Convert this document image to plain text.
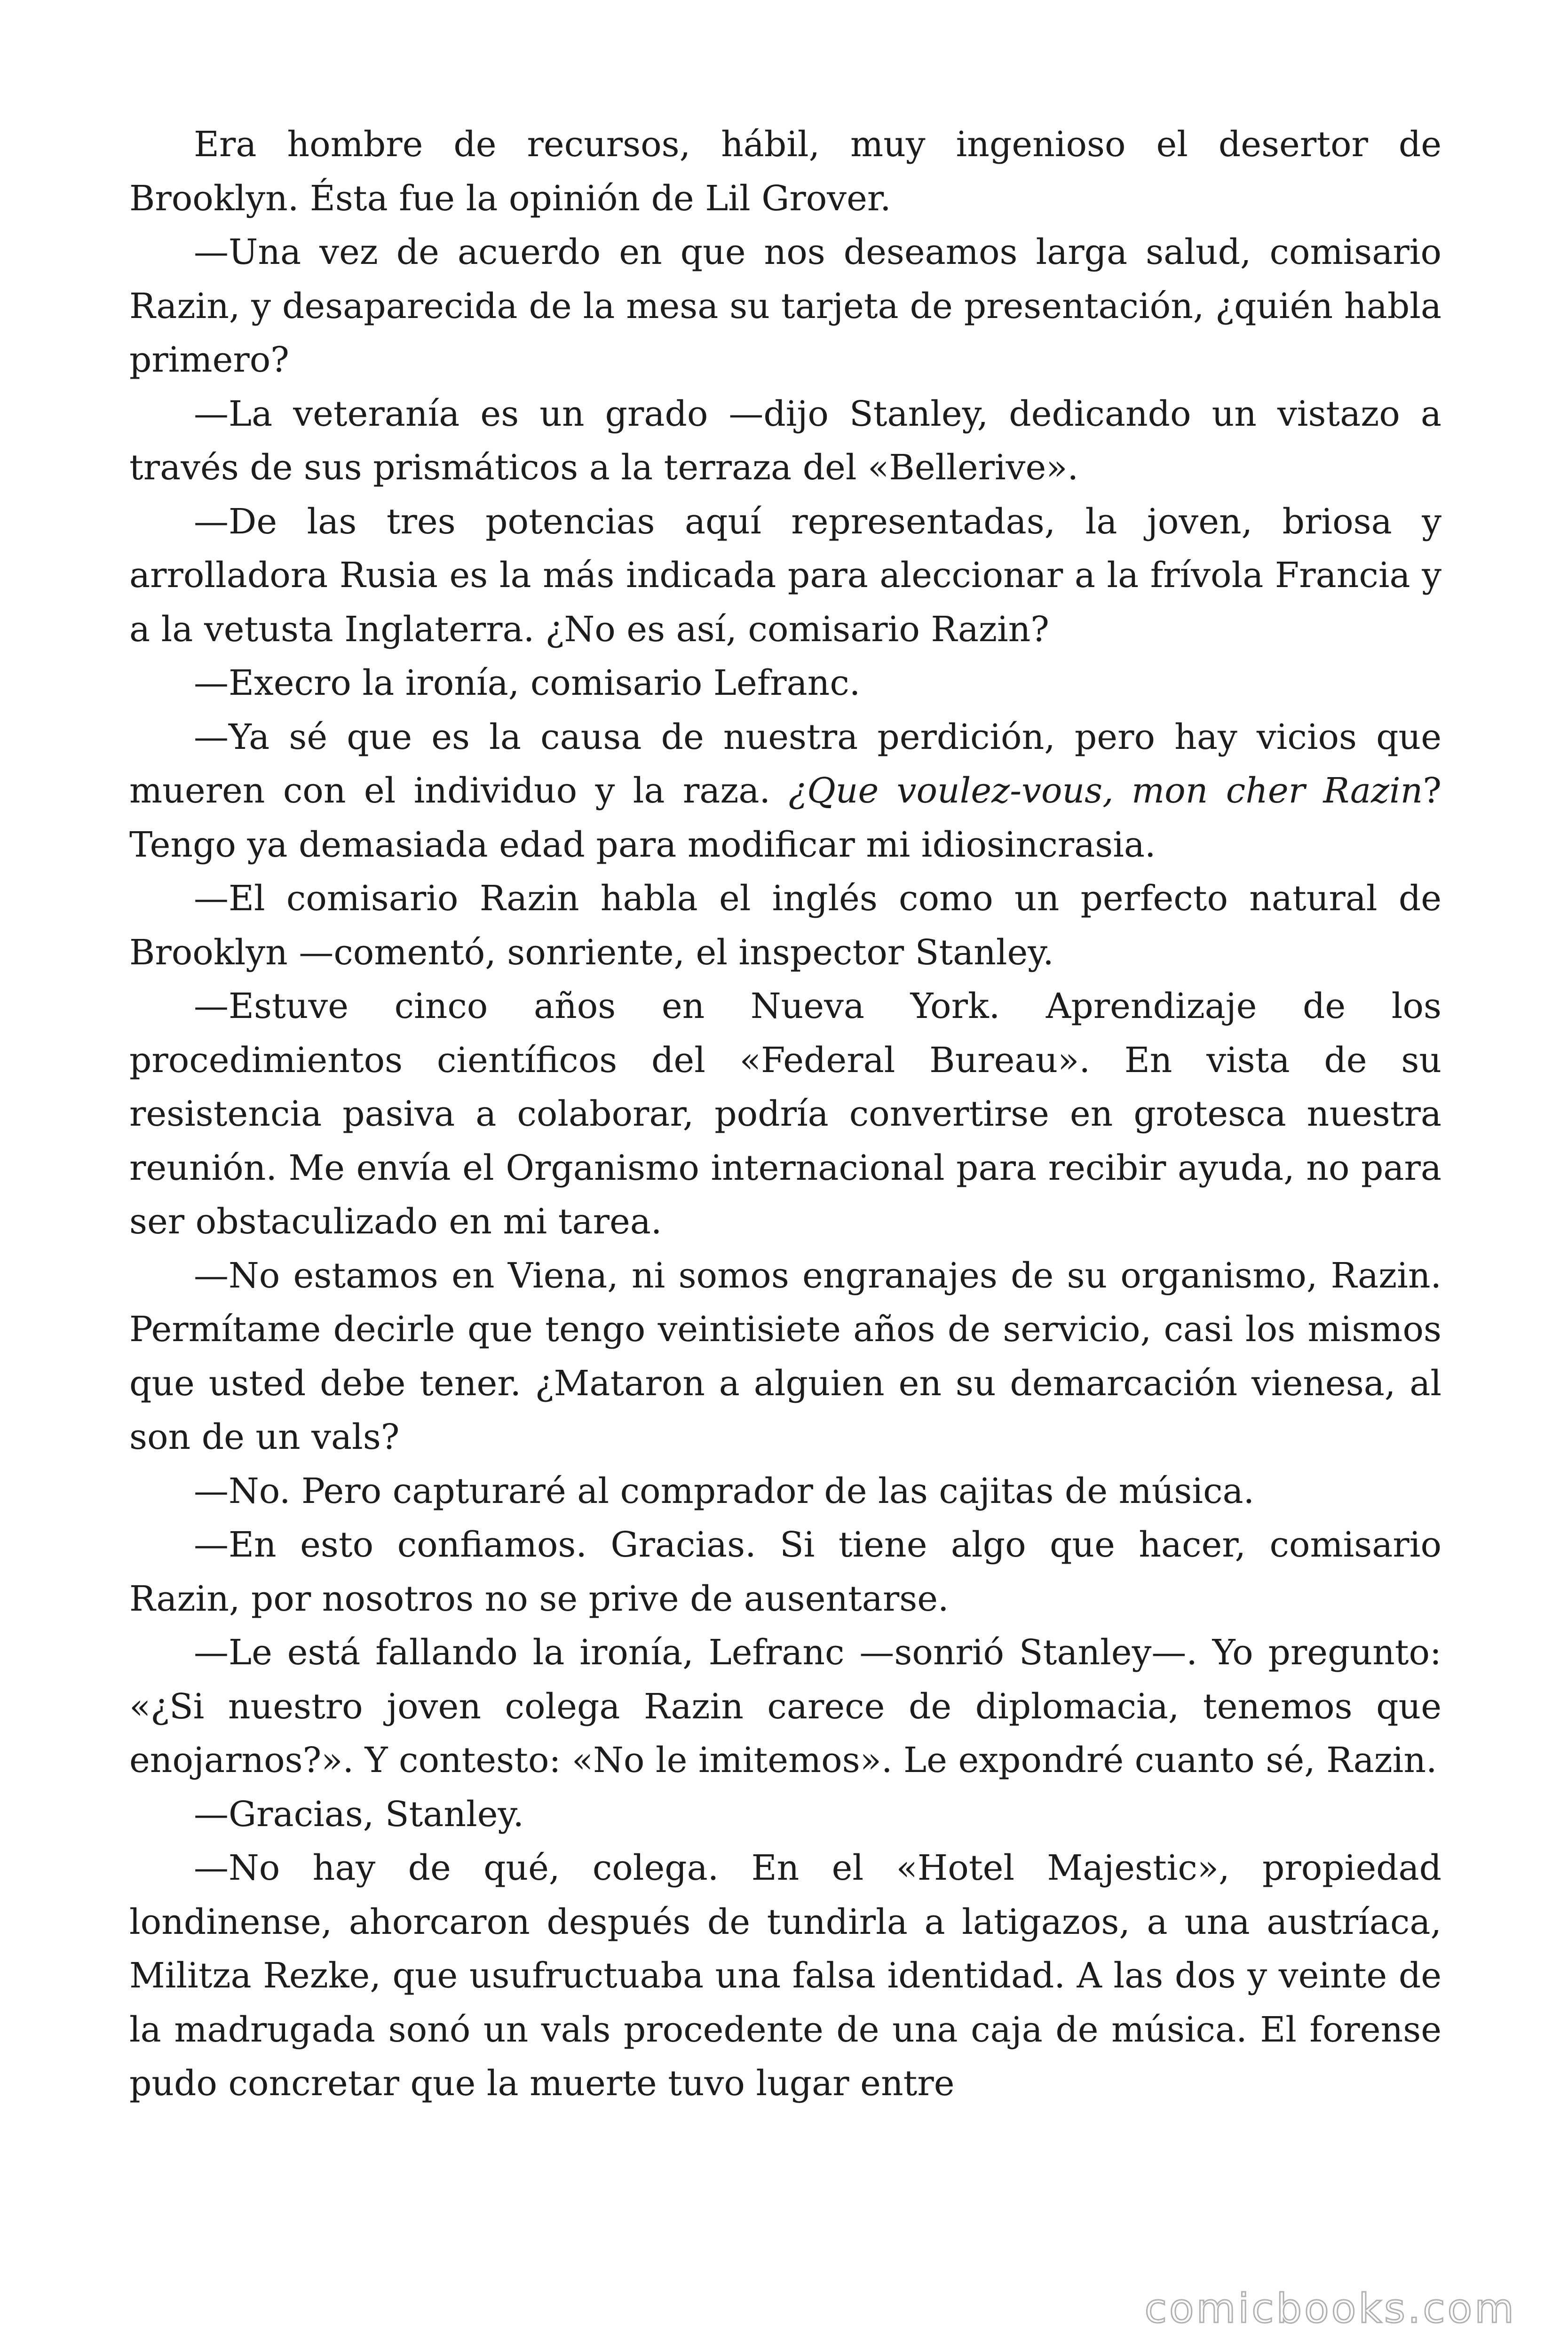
Era hombre de recursos, hábil, muy ingenioso el desertor de Brooklyn. Ésta fue la opinión de Lil Grover.

—Una vez de acuerdo en que nos deseamos larga salud, comisario Razin, y desaparecida de la mesa su tarjeta de presentación, ¿quién habla primero?

—La veteranía es un grado —dijo Stanley, dedicando un vistazo a través de sus prismáticos a la terraza del «Bellerive».

—De las tres potencias aquí representadas, la joven, briosa y arrolladora Rusia es la más indicada para aleccionar a la frívola Francia y a la vetusta Inglaterra. ¿No es así, comisario Razin?

—Execro la ironía, comisario Lefranc.

—Ya sé que es la causa de nuestra perdición, pero hay vicios que mueren con el individuo y la raza. ¿Que voulez-vous, mon cher Razin? Tengo ya demasiada edad para modificar mi idiosincrasia.

—El comisario Razin habla el inglés como un perfecto natural de Brooklyn —comentó, sonriente, el inspector Stanley.

—Estuve cinco años en Nueva York. Aprendizaje de los procedimientos científicos del «Federal Bureau». En vista de su resistencia pasiva a colaborar, podría convertirse en grotesca nuestra reunión. Me envía el Organismo internacional para recibir ayuda, no para ser obstaculizado en mi tarea.

—No estamos en Viena, ni somos engranajes de su organismo, Razin. Permítame decirle que tengo veintisiete años de servicio, casi los mismos que usted debe tener. ¿Mataron a alguien en su demarcación vienesa, al son de un vals?

—No. Pero capturaré al comprador de las cajitas de música.

—En esto confiamos. Gracias. Si tiene algo que hacer, comisario Razin, por nosotros no se prive de ausentarse.

—Le está fallando la ironía, Lefranc —sonrió Stanley—. Yo pregunto: «¿Si nuestro joven colega Razin carece de diplomacia, tenemos que enojarnos?». Y contesto: «No le imitemos». Le expondré cuanto sé, Razin.

—Gracias, Stanley.

—No hay de qué, colega. En el «Hotel Majestic», propiedad londinense, ahorcaron después de tundirla a latigazos, a una austríaca, Militza Rezke, que usufructuaba una falsa identidad. A las dos y veinte de la madrugada sonó un vals procedente de una caja de música. El forense pudo concretar que la muerte tuvo lugar entre

comicbooks.com
